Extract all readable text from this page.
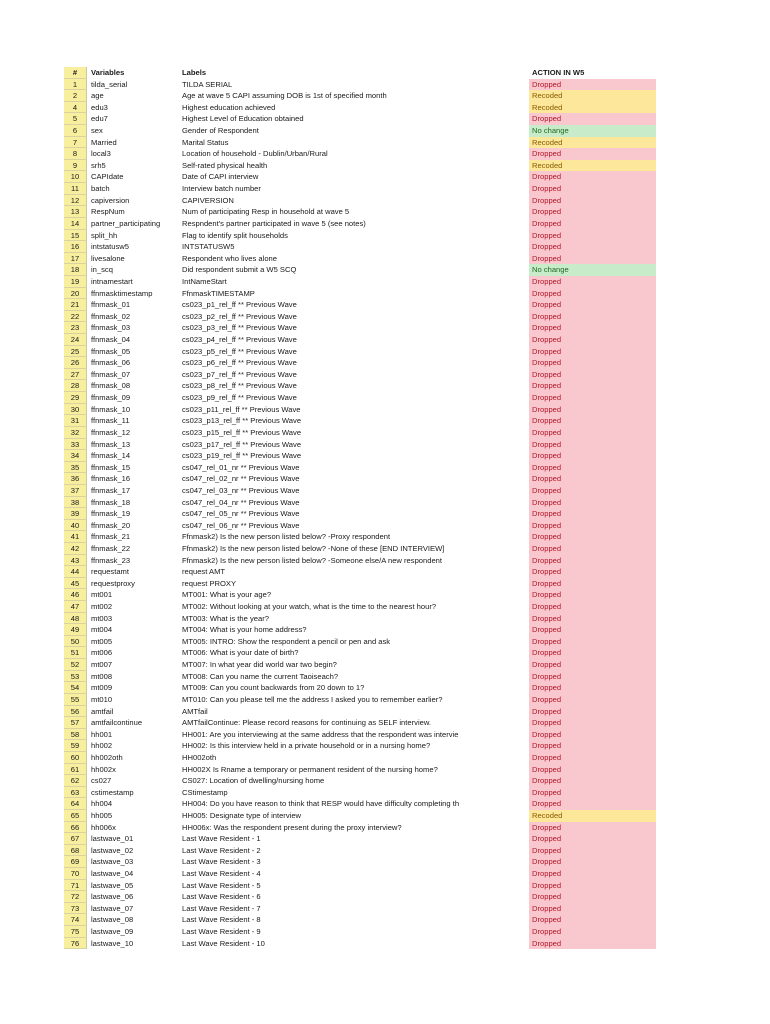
#	Variables	Labels	ACTION IN W5
1	tilda_serial	TILDA SERIAL	Dropped
2	age	Age at wave 5 CAPI assuming DOB is 1st of specified month	Recoded
4	edu3	Highest education achieved	Recoded
5	edu7	Highest Level of Education obtained	Dropped
6	sex	Gender of Respondent	No change
7	Married	Marital Status	Recoded
8	local3	Location of household - Dublin/Urban/Rural	Dropped
9	srh5	Self-rated physical health	Recoded
10	CAPIdate	Date of CAPI interview	Dropped
11	batch	Interview batch number	Dropped
12	capiversion	CAPIVERSION	Dropped
13	RespNum	Num of participating Resp in household at wave 5	Dropped
14	partner_participating	Respndent's partner participated in wave 5 (see notes)	Dropped
15	split_hh	Flag to identify split households	Dropped
16	intstatusw5	INTSTATUSW5	Dropped
17	livesalone	Respondent who lives alone	Dropped
18	in_scq	Did respondent submit a W5 SCQ	No change
19	intnamestart	IntNameStart	Dropped
20	ffnmasktimestamp	FfnmaskTIMESTAMP	Dropped
21	ffnmask_01	cs023_p1_rel_ff ** Previous Wave	Dropped
22	ffnmask_02	cs023_p2_rel_ff ** Previous Wave	Dropped
23	ffnmask_03	cs023_p3_rel_ff ** Previous Wave	Dropped
24	ffnmask_04	cs023_p4_rel_ff ** Previous Wave	Dropped
25	ffnmask_05	cs023_p5_rel_ff ** Previous Wave	Dropped
26	ffnmask_06	cs023_p6_rel_ff ** Previous Wave	Dropped
27	ffnmask_07	cs023_p7_rel_ff ** Previous Wave	Dropped
28	ffnmask_08	cs023_p8_rel_ff ** Previous Wave	Dropped
29	ffnmask_09	cs023_p9_rel_ff ** Previous Wave	Dropped
30	ffnmask_10	cs023_p11_rel_ff ** Previous Wave	Dropped
31	ffnmask_11	cs023_p13_rel_ff ** Previous Wave	Dropped
32	ffnmask_12	cs023_p15_rel_ff ** Previous Wave	Dropped
33	ffnmask_13	cs023_p17_rel_ff ** Previous Wave	Dropped
34	ffnmask_14	cs023_p19_rel_ff ** Previous Wave	Dropped
35	ffnmask_15	cs047_rel_01_nr ** Previous Wave	Dropped
36	ffnmask_16	cs047_rel_02_nr ** Previous Wave	Dropped
37	ffnmask_17	cs047_rel_03_nr ** Previous Wave	Dropped
38	ffnmask_18	cs047_rel_04_nr ** Previous Wave	Dropped
39	ffnmask_19	cs047_rel_05_nr ** Previous Wave	Dropped
40	ffnmask_20	cs047_rel_06_nr ** Previous Wave	Dropped
41	ffnmask_21	Ffnmask2) Is the new person listed below? -Proxy respondent	Dropped
42	ffnmask_22	Ffnmask2) Is the new person listed below? -None of these [END INTERVIEW]	Dropped
43	ffnmask_23	Ffnmask2) Is the new person listed below? -Someone else/A new respondent	Dropped
44	requestamt	request AMT	Dropped
45	requestproxy	request PROXY	Dropped
46	mt001	MT001: What is your age?	Dropped
47	mt002	MT002: Without looking at your watch, what is the time to the nearest hour?	Dropped
48	mt003	MT003: What is the year?	Dropped
49	mt004	MT004: What is your home address?	Dropped
50	mt005	MT005: INTRO: Show the respondent a pencil or pen and ask	Dropped
51	mt006	MT006: What is your date of birth?	Dropped
52	mt007	MT007: In what year did world war two begin?	Dropped
53	mt008	MT008: Can you name the current Taoiseach?	Dropped
54	mt009	MT009: Can you count backwards from 20 down to 1?	Dropped
55	mt010	MT010: Can you please tell me the address I asked you to remember earlier?	Dropped
56	amtfail	AMTfail	Dropped
57	amtfailcontinue	AMTfailContinue: Please record reasons for continuing as SELF interview.	Dropped
58	hh001	HH001: Are you interviewing at the same address that the respondent was intervie	Dropped
59	hh002	HH002: Is this interview held in a private household or in a nursing home?	Dropped
60	hh002oth	HH002oth	Dropped
61	hh002x	HH002X Is Rname a temporary or permanent resident of the nursing home?	Dropped
62	cs027	CS027: Location of dwelling/nursing home	Dropped
63	cstimestamp	CStimestamp	Dropped
64	hh004	HH004: Do you have reason to think that RESP would have difficulty completing th	Dropped
65	hh005	HH005: Designate type of interview	Recoded
66	hh006x	HH006x: Was the respondent present during the proxy interview?	Dropped
67	lastwave_01	Last Wave Resident - 1	Dropped
68	lastwave_02	Last Wave Resident - 2	Dropped
69	lastwave_03	Last Wave Resident - 3	Dropped
70	lastwave_04	Last Wave Resident - 4	Dropped
71	lastwave_05	Last Wave Resident - 5	Dropped
72	lastwave_06	Last Wave Resident - 6	Dropped
73	lastwave_07	Last Wave Resident - 7	Dropped
74	lastwave_08	Last Wave Resident - 8	Dropped
75	lastwave_09	Last Wave Resident - 9	Dropped
76	lastwave_10	Last Wave Resident - 10	Dropped
